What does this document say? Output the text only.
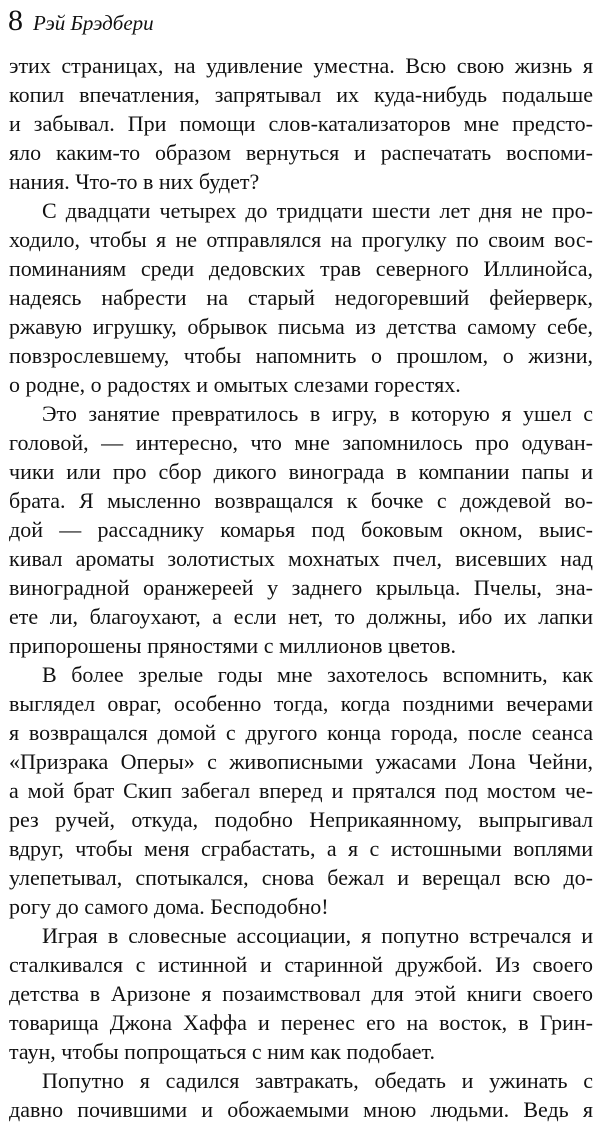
8 Рэй Брэдбери
этих страницах, на удивление уместна. Всю свою жизнь я
копил впечатления, запрятывал их куда-нибудь подальше
и забывал. При помощи слов-катализаторов мне предсто-
яло каким-то образом вернуться и распечатать воспоми-
нания. Что-то в них будет?
С двадцати четырех до тридцати шести лет дня не про-
ходило, чтобы я не отправлялся на прогулку по своим вос-
поминаниям среди дедовских трав северного Иллинойса,
надеясь набрести на старый недогоревший фейерверк,
ржавую игрушку, обрывок письма из детства самому себе,
повзрослевшему, чтобы напомнить о прошлом, о жизни,
о родне, о радостях и омытых слезами горестях.
Это занятие превратилось в игру, в которую я ушел с
головой, — интересно, что мне запомнилось про одуван-
чики или про сбор дикого винограда в компании папы и
брата. Я мысленно возвращался к бочке с дождевой во-
дой — рассаднику комарья под боковым окном, выис-
кивал ароматы золотистых мохнатых пчел, висевших над
виноградной оранжереей у заднего крыльца. Пчелы, зна-
ете ли, благоухают, а если нет, то должны, ибо их лапки
припорошены пряностями с миллионов цветов.
В более зрелые годы мне захотелось вспомнить, как
выглядел овраг, особенно тогда, когда поздними вечерами
я возвращался домой с другого конца города, после сеанса
«Призрака Оперы» с живописными ужасами Лона Чейни,
а мой брат Скип забегал вперед и прятался под мостом че-
рез ручей, откуда, подобно Неприкаянному, выпрыгивал
вдруг, чтобы меня сграбастать, а я с истошными воплями
улепетывал, спотыкался, снова бежал и верещал всю до-
рогу до самого дома. Бесподобно!
Играя в словесные ассоциации, я попутно встречался и
сталкивался с истинной и старинной дружбой. Из своего
детства в Аризоне я позаимствовал для этой книги своего
товарища Джона Хаффа и перенес его на восток, в Грин-
таун, чтобы попрощаться с ним как подобает.
Попутно я садился завтракать, обедать и ужинать с
давно почившими и обожаемыми мною людьми. Ведь я
